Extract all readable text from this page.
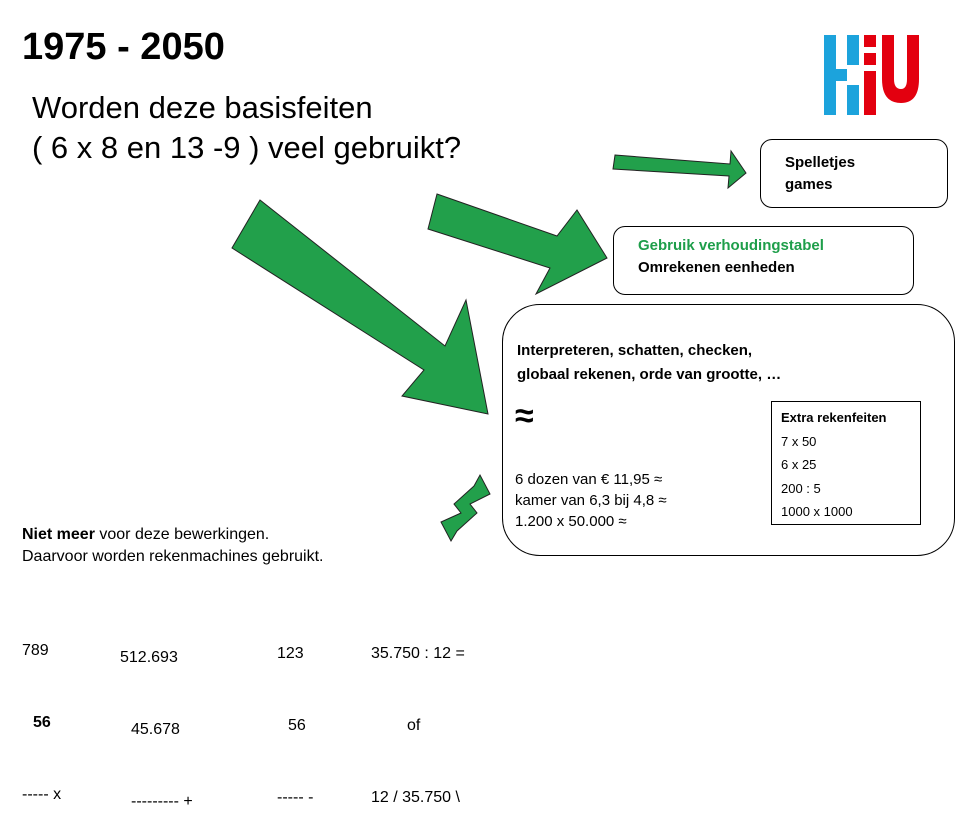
1975 - 2050
Worden deze basisfeiten
( 6 x 8 en 13 -9 ) veel gebruikt?	Spelletjes
games
Gebruik verhoudingstabel
Omrekenen eenheden
Interpreteren, schatten, checken,
globaal rekenen, orde van grootte, …
≈
6 dozen van € 11,95 ≈
kamer van 6,3 bij 4,8 ≈
1.200 x 50.000 ≈
Extra rekenfeiten
7 x 50
6 x 25
200 : 5
1000 x 1000
Niet meer voor deze bewerkingen.
Daarvoor worden rekenmachines gebruikt.

789

56

----- x

512.693

45.678

--------- +

123

56

----- -

35.750 : 12 =

of

12 / 35.750 \
